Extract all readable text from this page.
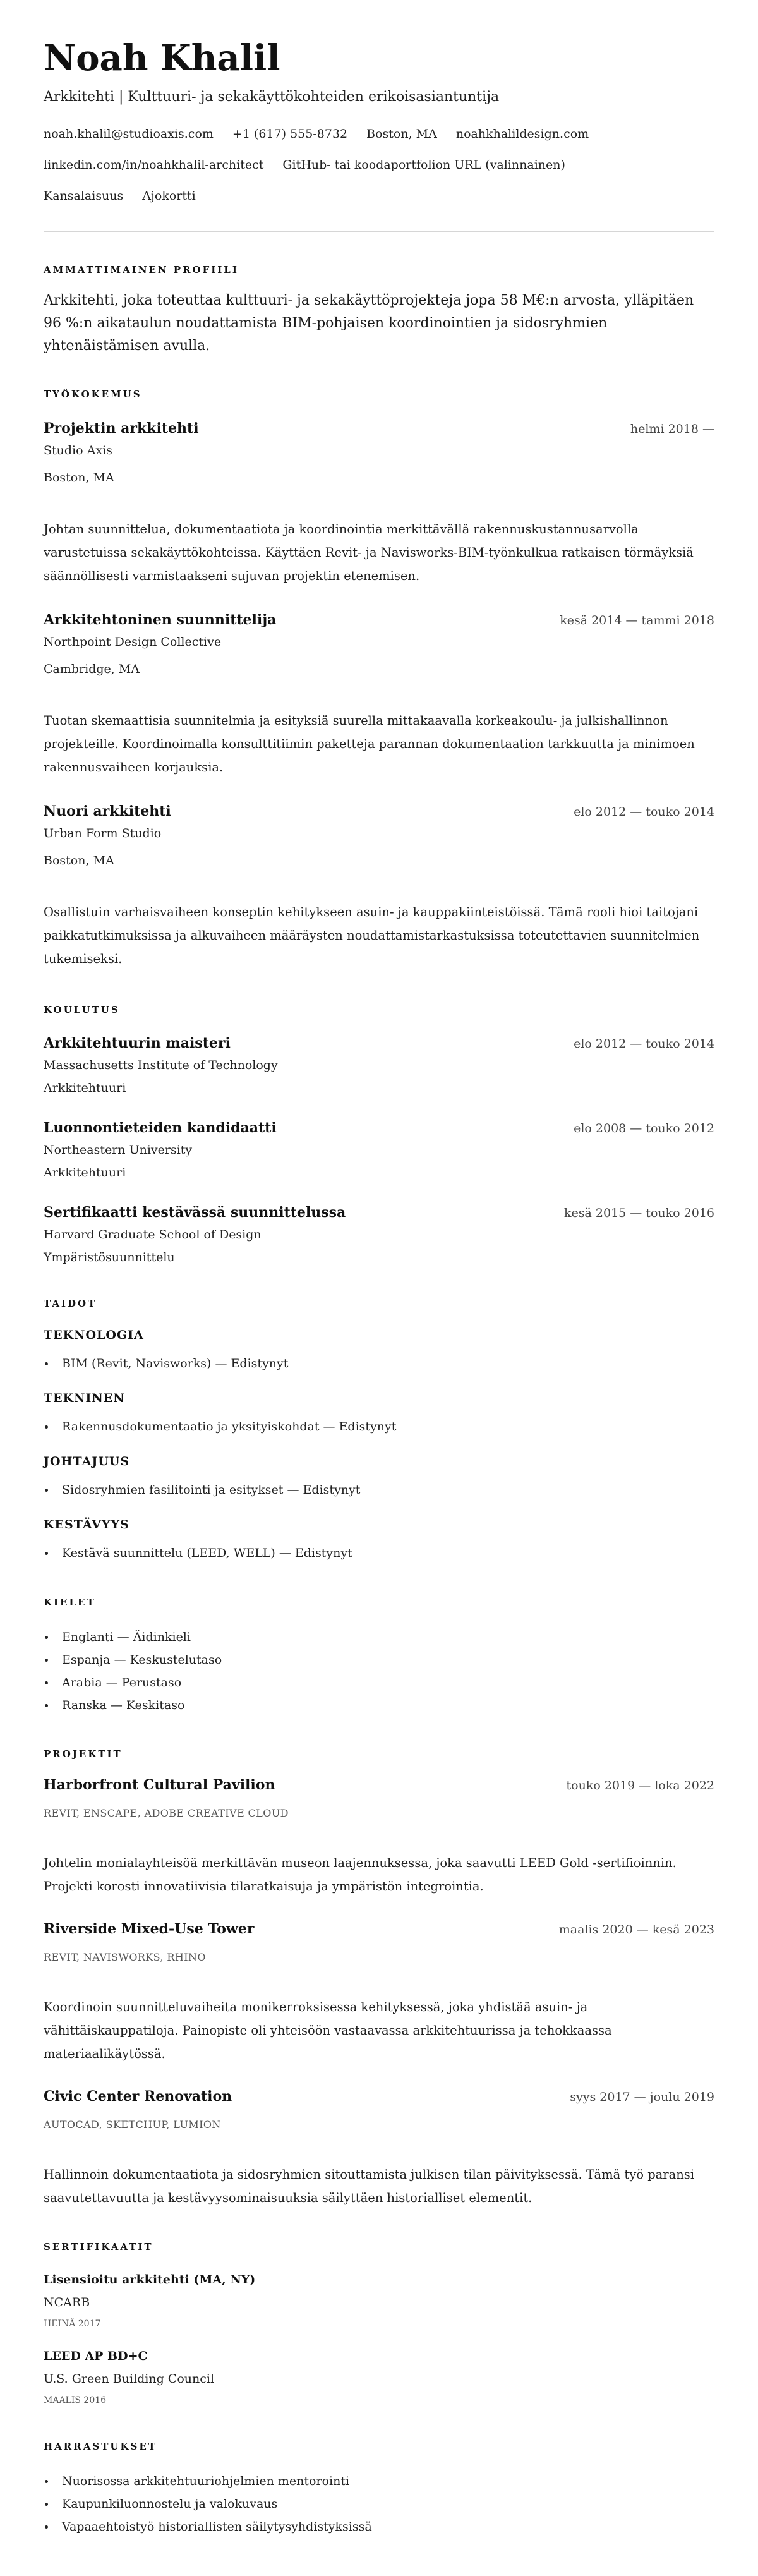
Noah Khalil
Arkkitehti | Kulttuuri- ja sekakäyttökohteiden erikoisasiantuntija
noah.khalil@studioaxis.com +1 (617) 555-8732 Boston, MA noahkhalildesign.com
linkedin.com/in/noahkhalil-architect GitHub- tai koodaportfolion URL (valinnainen)
Kansalaisuus Ajokortti
AMMATTIMAINEN PROFIILI
Arkkitehti, joka toteuttaa kulttuuri- ja sekakäyttöprojekteja jopa 58 M€:n arvosta, ylläpitäen 96 %:n aikataulun noudattamista BIM-pohjaisen koordinointien ja sidosryhmien yhtenäistämisen avulla.
TYÖKOKEMUS
Projektin arkkitehti	helmi 2018 —
Studio Axis
Boston, MA
Johtan suunnittelua, dokumentaatiota ja koordinointia merkittävällä rakennuskustannusarvolla varustetuissa sekakäyttökohteissa. Käyttäen Revit- ja Navisworks-BIM-työnkulkua ratkaisen törmäyksiä säännöllisesti varmistaakseni sujuvan projektin etenemisen.
Arkkitehtoninen suunnittelija	kesä 2014 — tammi 2018
Northpoint Design Collective
Cambridge, MA
Tuotan skemaattisia suunnitelmia ja esityksiä suurella mittakaavalla korkeakoulu- ja julkishallinnon projekteille. Koordinoimalla konsulttitiimin paketteja parannan dokumentaation tarkkuutta ja minimoen rakennusvaiheen korjauksia.
Nuori arkkitehti	elo 2012 — touko 2014
Urban Form Studio
Boston, MA
Osallistuin varhaisvaiheen konseptin kehitykseen asuin- ja kauppakiinteistöissä. Tämä rooli hioi taitojani paikkatutkimuksissa ja alkuvaiheen määräysten noudattamistarkastuksissa toteutettavien suunnitelmien tukemiseksi.
KOULUTUS
Arkkitehtuurin maisteri	elo 2012 — touko 2014
Massachusetts Institute of Technology
Arkkitehtuuri
Luonnontieteiden kandidaatti	elo 2008 — touko 2012
Northeastern University
Arkkitehtuuri
Sertifikaatti kestävässä suunnittelussa	kesä 2015 — touko 2016
Harvard Graduate School of Design
Ympäristösuunnittelu
TAIDOT
TEKNOLOGIA
BIM (Revit, Navisworks) — Edistynyt
TEKNINEN
Rakennusdokumentaatio ja yksityiskohdat — Edistynyt
JOHTAJUUS
Sidosryhmien fasilitointi ja esitykset — Edistynyt
KESTÄVYYS
Kestävä suunnittelu (LEED, WELL) — Edistynyt
KIELET
Englanti — Äidinkieli
Espanja — Keskustelutaso
Arabia — Perustaso
Ranska — Keskitaso
PROJEKTIT
Harborfront Cultural Pavilion	touko 2019 — loka 2022
REVIT, ENSCAPE, ADOBE CREATIVE CLOUD
Johtelin monialayhteisöä merkittävän museon laajennuksessa, joka saavutti LEED Gold -sertifioinnin. Projekti korosti innovatiivisia tilaratkaisuja ja ympäristön integrointia.
Riverside Mixed-Use Tower	maalis 2020 — kesä 2023
REVIT, NAVISWORKS, RHINO
Koordinoin suunnitteluvaiheita monikerroksisessa kehityksessä, joka yhdistää asuin- ja vähittäiskauppatiloja. Painopiste oli yhteisöön vastaavassa arkkitehtuurissa ja tehokkaassa materiaalikäytössä.
Civic Center Renovation	syys 2017 — joulu 2019
AUTOCAD, SKETCHUP, LUMION
Hallinnoin dokumentaatiota ja sidosryhmien sitouttamista julkisen tilan päivityksessä. Tämä työ paransi saavutettavuutta ja kestävyysominaisuuksia säilyttäen historialliset elementit.
SERTIFIKAATIT
Lisensioitu arkkitehti (MA, NY)
NCARB
HEINÄ 2017
LEED AP BD+C
U.S. Green Building Council
MAALIS 2016
HARRASTUKSET
Nuorisossa arkkitehtuuriohjelmien mentorointi
Kaupunkiluonnostelu ja valokuvaus
Vapaaehtoistyö historiallisten säilytysyhdistyksissä
